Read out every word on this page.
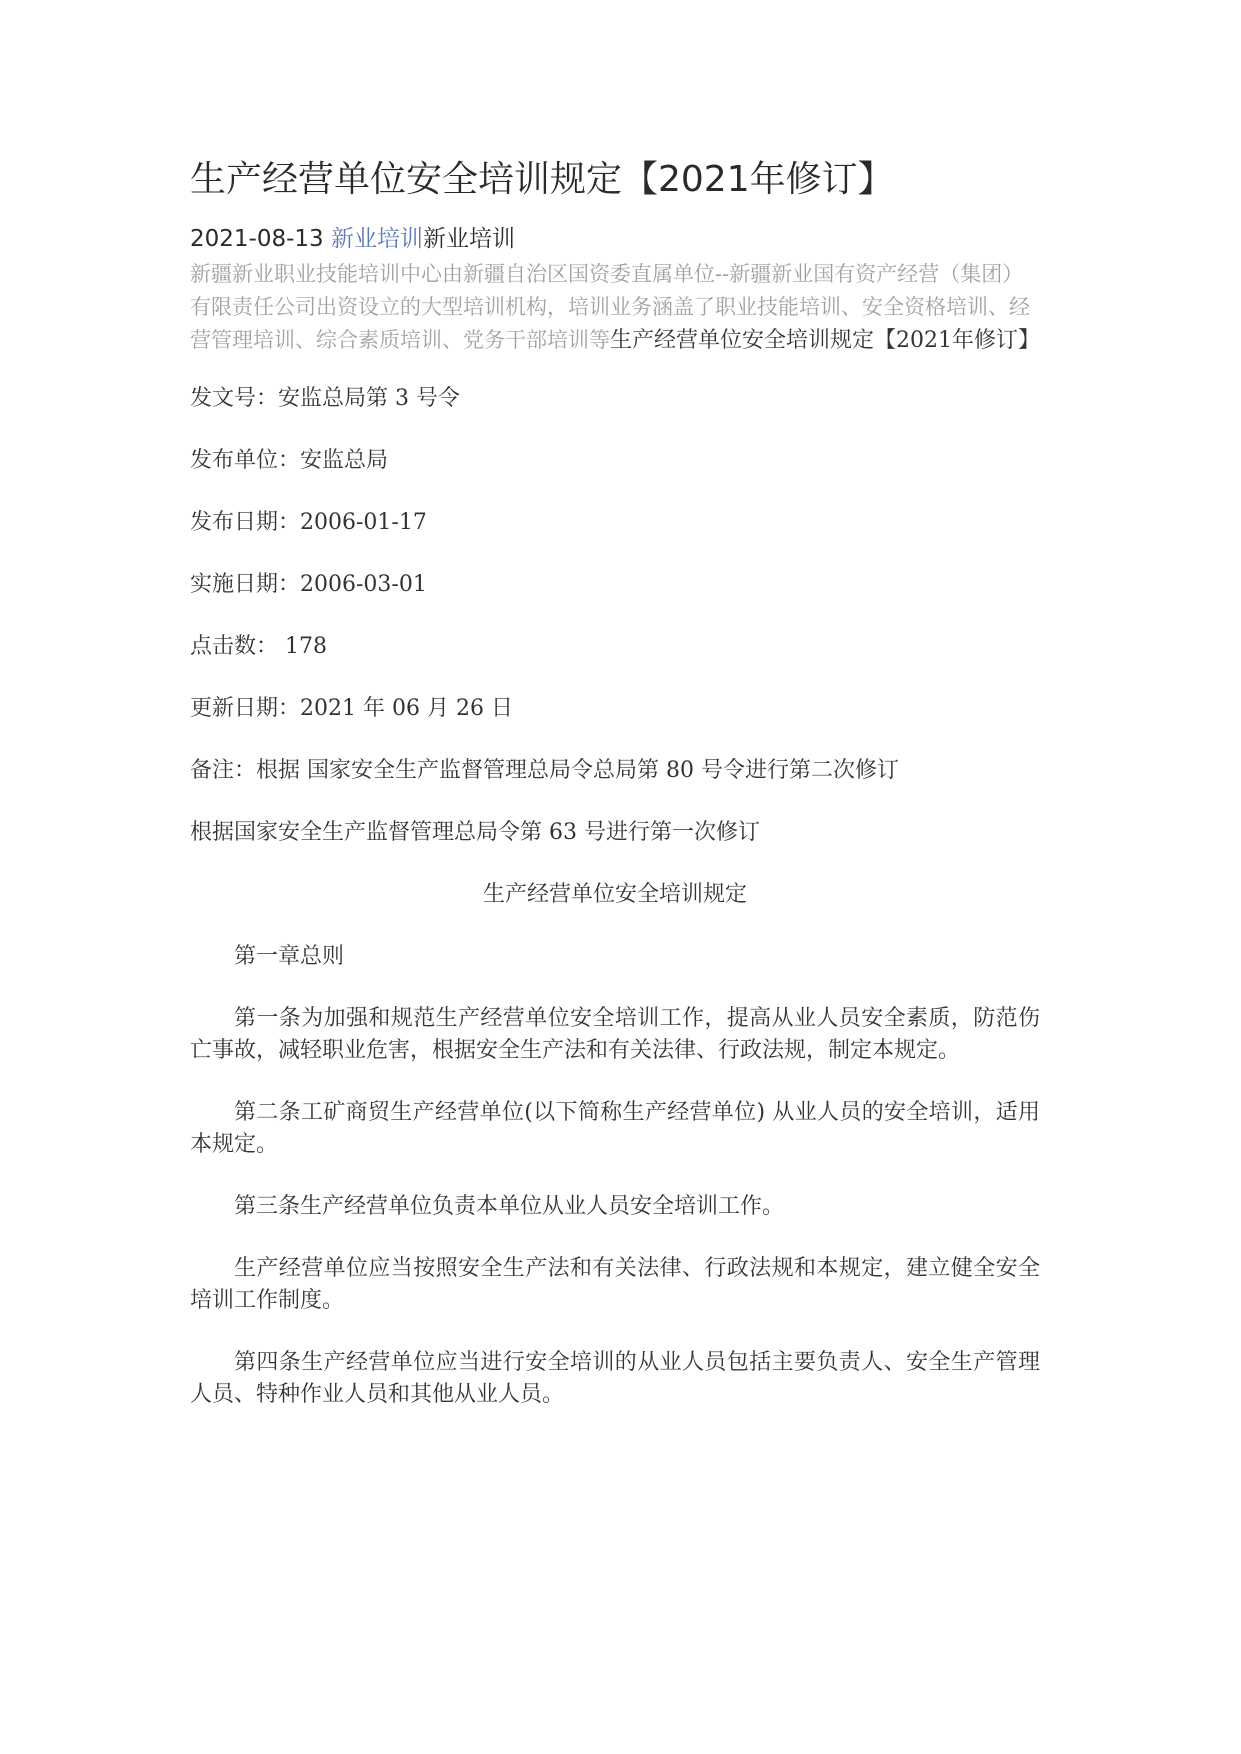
生产经营单位安全培训规定【2021年修订】
2021-08-13 新业培训新业培训
新疆新业职业技能培训中心由新疆自治区国资委直属单位--新疆新业国有资产经营（集团）有限责任公司出资设立的大型培训机构，培训业务涵盖了职业技能培训、安全资格培训、经营管理培训、综合素质培训、党务干部培训等生产经营单位安全培训规定【2021年修订】
发文号：安监总局第 3 号令
发布单位：安监总局
发布日期：2006-01-17
实施日期：2006-03-01
点击数： 178
更新日期：2021 年 06 月 26 日
备注：根据 国家安全生产监督管理总局令总局第 80 号令进行第二次修订
根据国家安全生产监督管理总局令第 63 号进行第一次修订
生产经营单位安全培训规定
第一章总则
第一条为加强和规范生产经营单位安全培训工作，提高从业人员安全素质，防范伤亡事故，减轻职业危害，根据安全生产法和有关法律、行政法规，制定本规定。
第二条工矿商贸生产经营单位(以下简称生产经营单位) 从业人员的安全培训，适用本规定。
第三条生产经营单位负责本单位从业人员安全培训工作。
生产经营单位应当按照安全生产法和有关法律、行政法规和本规定，建立健全安全培训工作制度。
第四条生产经营单位应当进行安全培训的从业人员包括主要负责人、安全生产管理人员、特种作业人员和其他从业人员。
